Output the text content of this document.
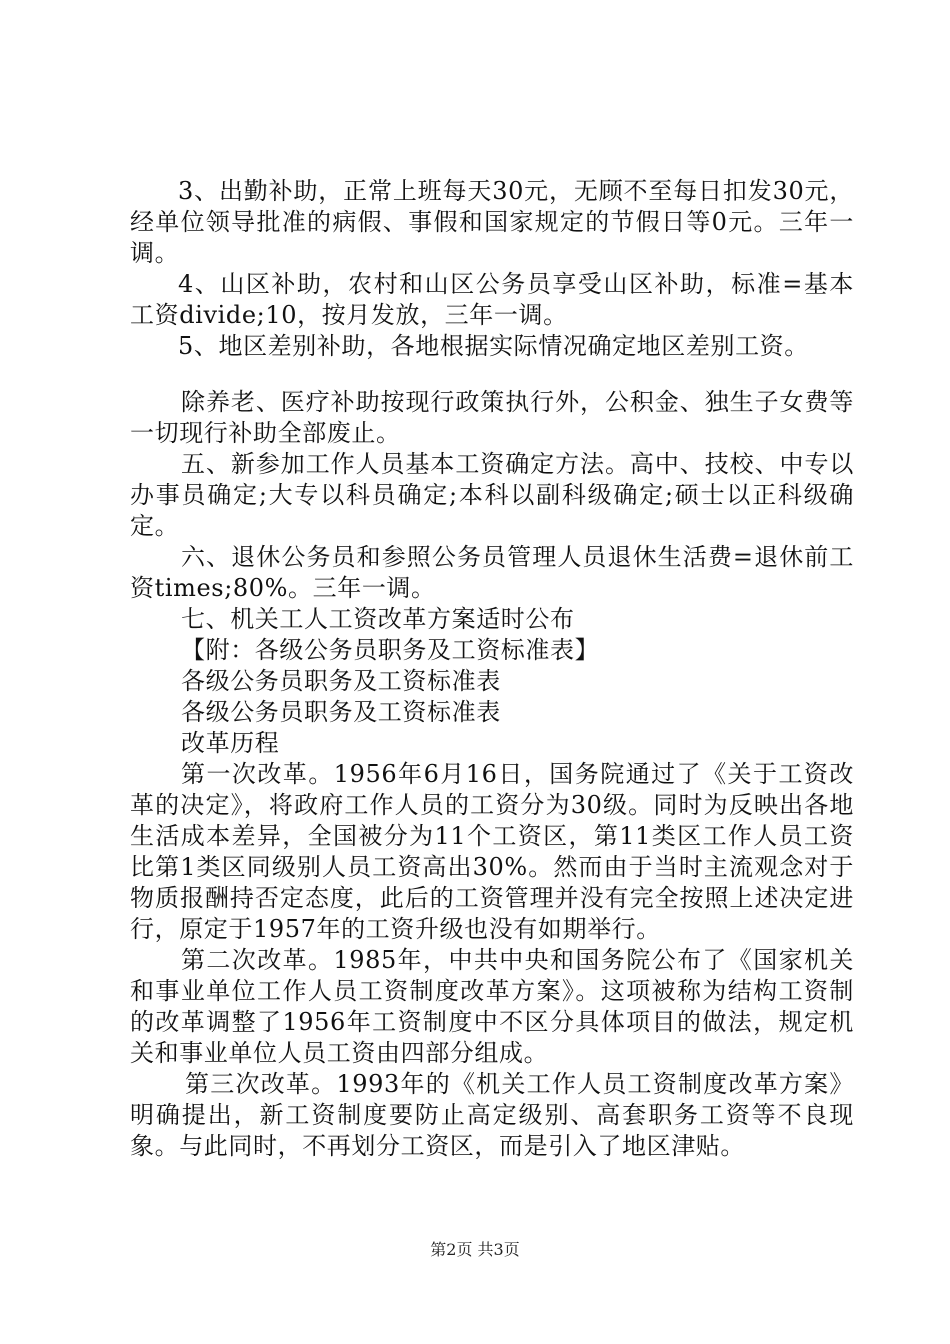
3、出勤补助，正常上班每天30元，无顾不至每日扣发30元，经单位领导批准的病假、事假和国家规定的节假日等0元。三年一调。

4、山区补助，农村和山区公务员享受山区补助，标准=基本工资divide;10，按月发放，三年一调。

5、地区差别补助，各地根据实际情况确定地区差别工资。

除养老、医疗补助按现行政策执行外，公积金、独生子女费等一切现行补助全部废止。

五、新参加工作人员基本工资确定方法。高中、技校、中专以办事员确定;大专以科员确定;本科以副科级确定;硕士以正科级确定。

六、退休公务员和参照公务员管理人员退休生活费=退休前工资times;80%。三年一调。

七、机关工人工资改革方案适时公布

【附：各级公务员职务及工资标准表】

各级公务员职务及工资标准表

各级公务员职务及工资标准表

改革历程

第一次改革。1956年6月16日，国务院通过了《关于工资改革的决定》，将政府工作人员的工资分为30级。同时为反映出各地生活成本差异，全国被分为11个工资区，第11类区工作人员工资比第1类区同级别人员工资高出30%。然而由于当时主流观念对于物质报酬持否定态度，此后的工资管理并没有完全按照上述决定进行，原定于1957年的工资升级也没有如期举行。

第二次改革。1985年，中共中央和国务院公布了《国家机关和事业单位工作人员工资制度改革方案》。这项被称为结构工资制的改革调整了1956年工资制度中不区分具体项目的做法，规定机关和事业单位人员工资由四部分组成。

第三次改革。1993年的《机关工作人员工资制度改革方案》明确提出，新工资制度要防止高定级别、高套职务工资等不良现象。与此同时，不再划分工资区，而是引入了地区津贴。

第2页 共3页
